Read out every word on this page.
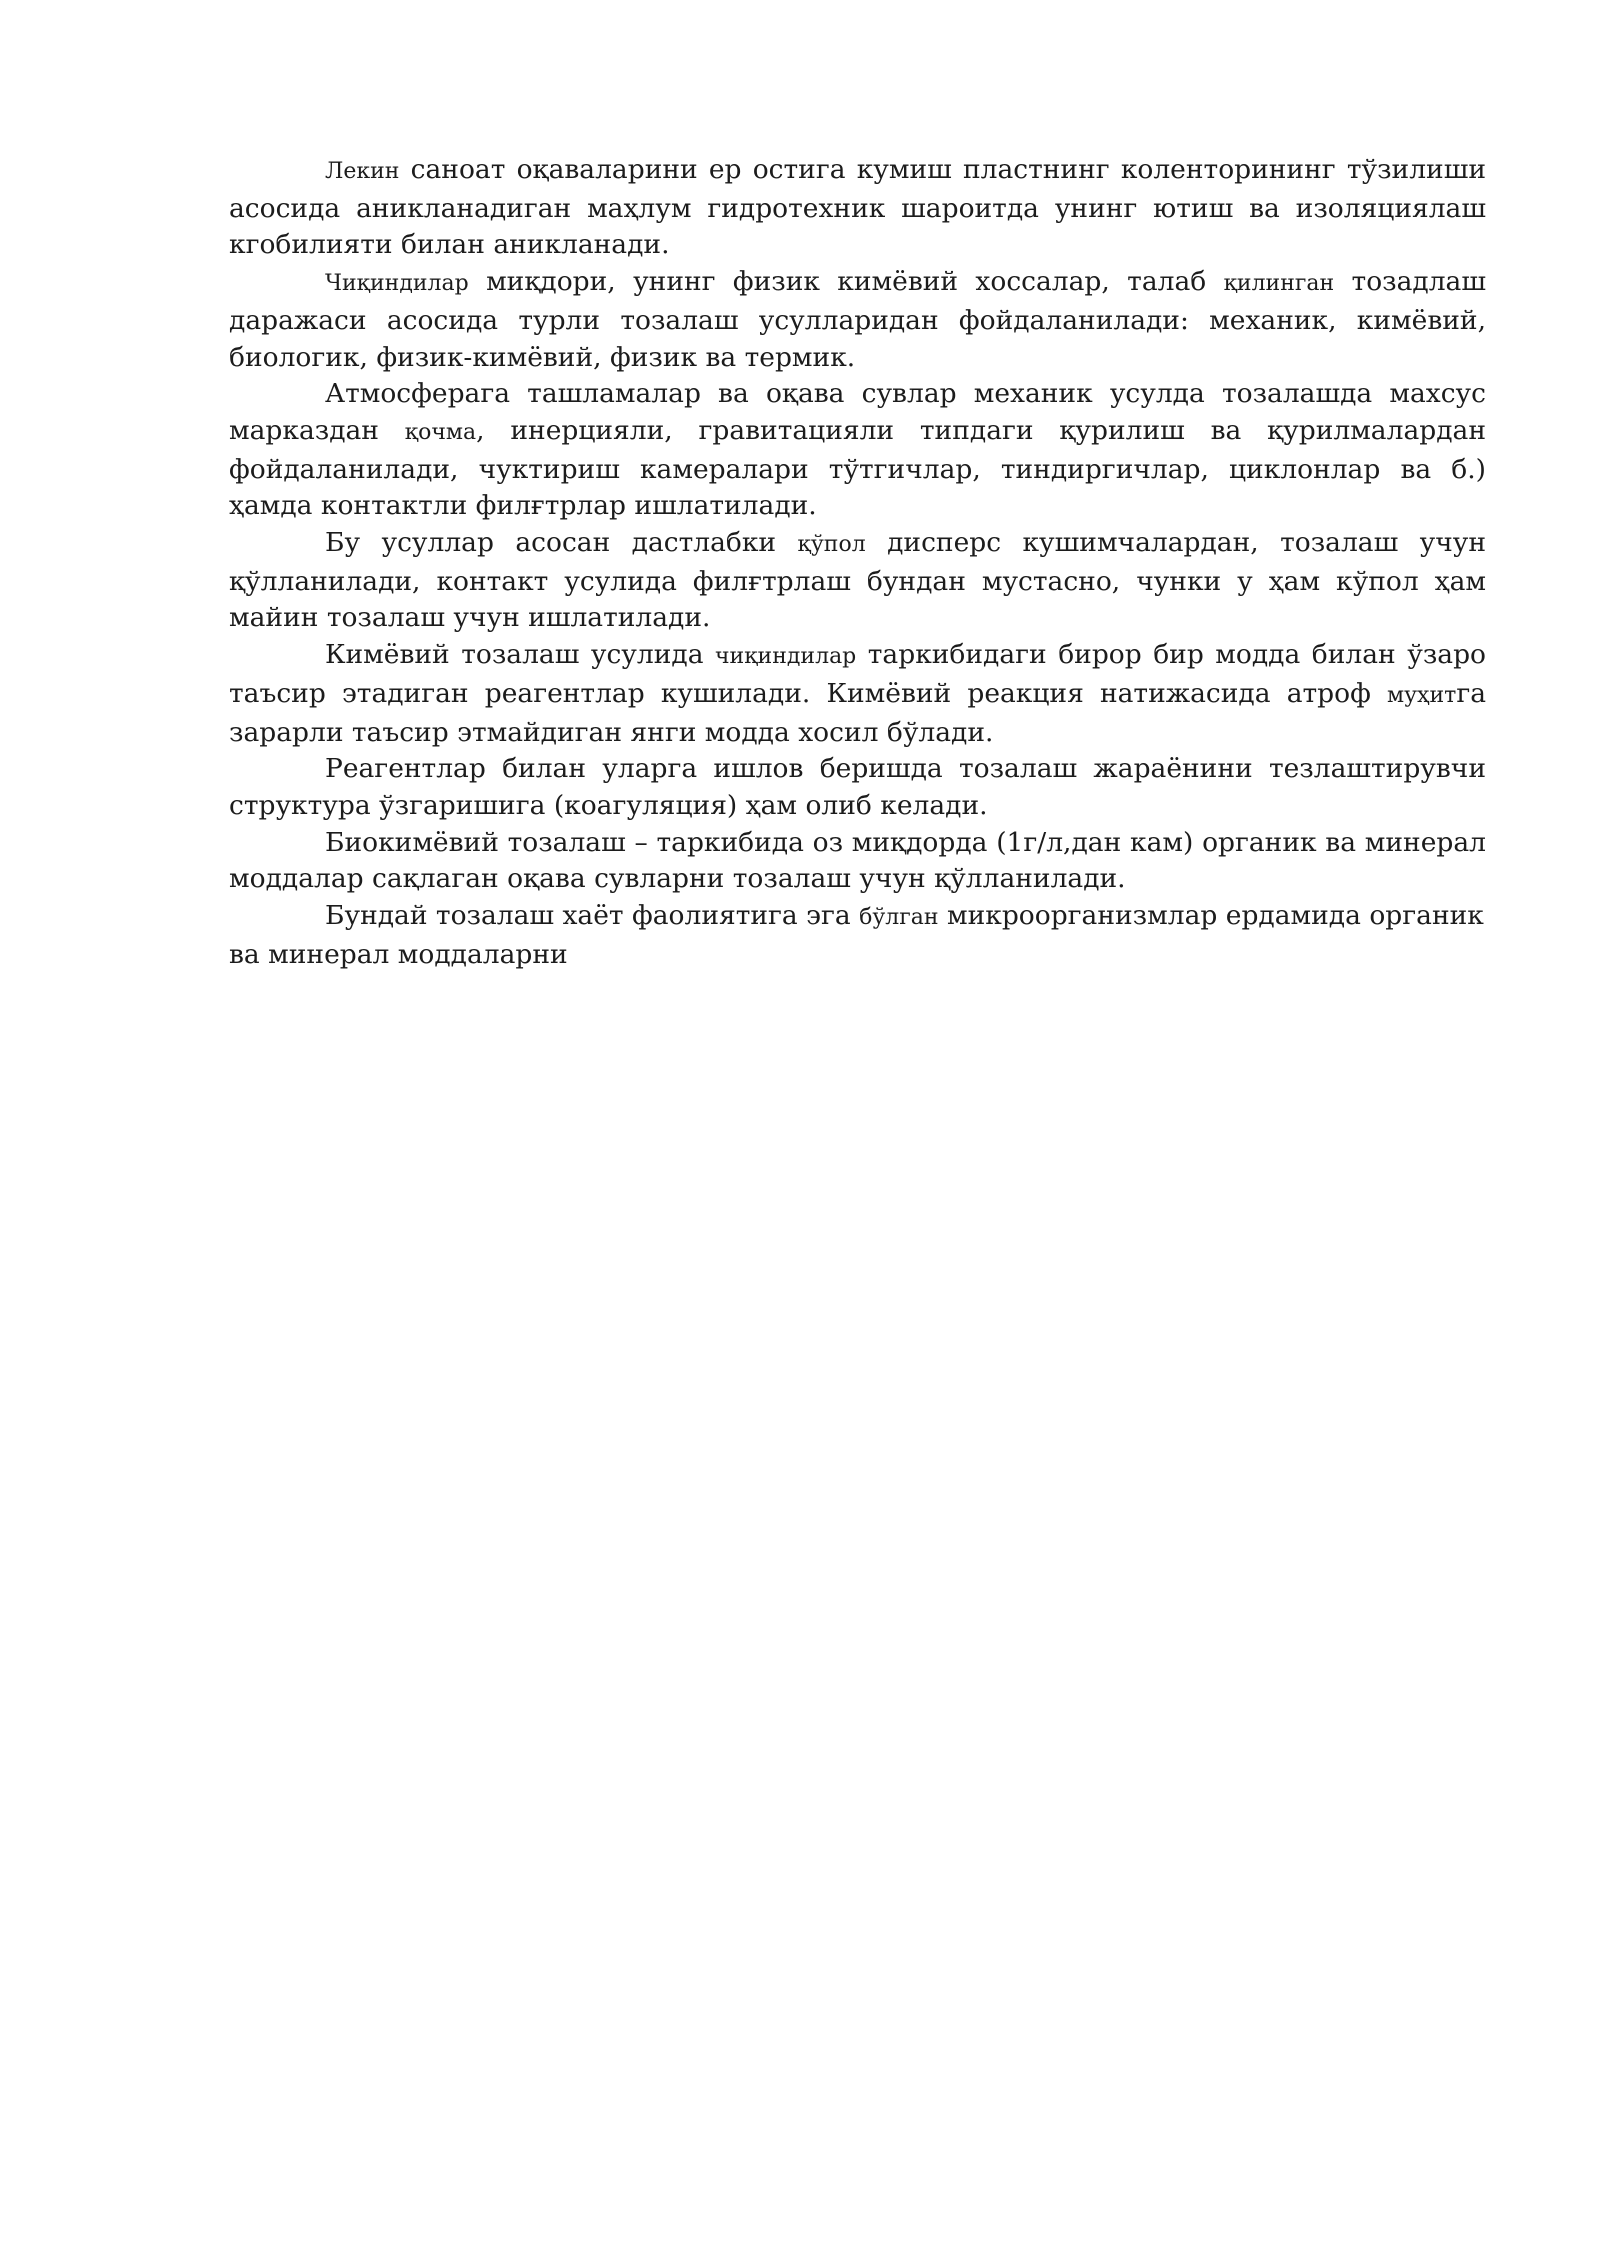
Лекин саноат оқаваларини ер остига кумиш пластнинг колентоpининг тўзилиши асосида аникланадиган маҳлум гидротехник шароитда унинг ютиш ва изоляциялаш кгобилияти билан аникланади.

Чиқиндилар миқдори, унинг физик кимёвий хоссалар, талаб қилинган тозадлаш даражаси асосида турли тозалаш усулларидан фойдаланилади: механик, кимёвий, биологик, физик-кимёвий, физик ва термик.

Атмосферага ташламалар ва оқава сувлар механик усулда тозалашда махсус марказдан қочма, инерцияли, гравитацияли типдаги қурилиш ва қурилмалардан фойдаланилади, чуктириш камералари тўтгичлар, тиндиргичлар, циклонлар ва б.) ҳамда контактли филғтрлар ишлатилади.

Бу усуллар асосан дастлабки қўпол дисперс кушимчалардан, тозалаш учун қўлланилади, контакт усулида филғтрлаш бундан мустасно, чунки у ҳам кўпол ҳам майин тозалаш учун ишлатилади.

Кимёвий тозалаш усулида чиқиндилар таркибидаги бирор бир модда билан ўзаро таъсир этадиган реагентлар кушилади. Кимёвий реакция натижасида атроф муҳитга зарарли таъсир этмайдиган янги модда хосил бўлади.

Реагентлар билан уларга ишлов беришда тозалаш жараёнини тезлаштирувчи структура ўзгаришига (коагуляция) ҳам олиб келади.

Биокимёвий тозалаш – таркибида оз миқдорда (1г/л,дан кам) органик ва минерал моддалар сақлаган оқава сувларни тозалаш учун қўлланилади.

Бундай тозалаш хаёт фаолиятига эга бўлган микроорганизмлар ердамида органик ва минерал моддаларни
